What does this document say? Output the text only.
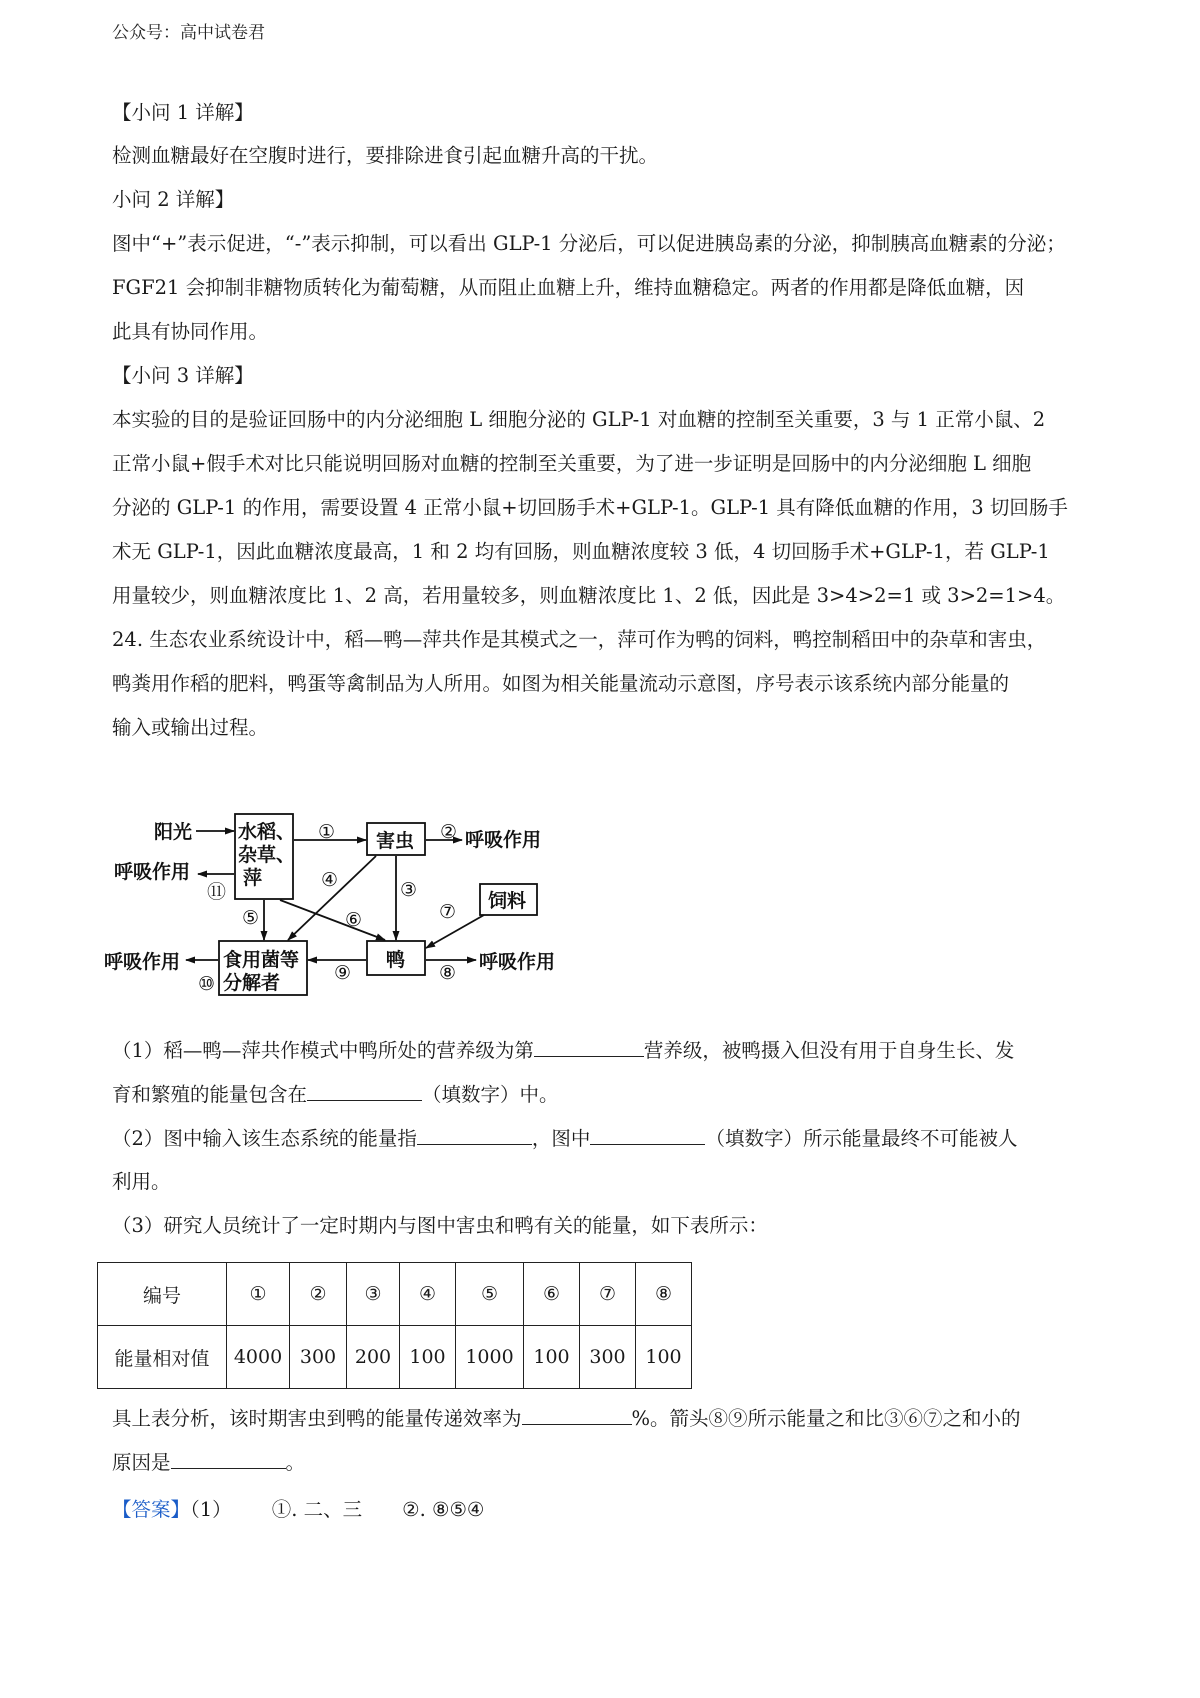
公众号：高中试卷君
【小问 1 详解】
检测血糖最好在空腹时进行，要排除进食引起血糖升高的干扰。
小问 2 详解】
图中“+”表示促进，“-”表示抑制，可以看出 GLP-1 分泌后，可以促进胰岛素的分泌，抑制胰高血糖素的分泌；
FGF21 会抑制非糖物质转化为葡萄糖，从而阻止血糖上升，维持血糖稳定。两者的作用都是降低血糖，因
此具有协同作用。
【小问 3 详解】
本实验的目的是验证回肠中的内分泌细胞 L 细胞分泌的 GLP-1 对血糖的控制至关重要，3 与 1 正常小鼠、2
正常小鼠+假手术对比只能说明回肠对血糖的控制至关重要，为了进一步证明是回肠中的内分泌细胞 L 细胞
分泌的 GLP-1 的作用，需要设置 4 正常小鼠+切回肠手术+GLP-1。GLP-1 具有降低血糖的作用，3 切回肠手
术无 GLP-1，因此血糖浓度最高，1 和 2 均有回肠，则血糖浓度较 3 低，4 切回肠手术+GLP-1，若 GLP-1
用量较少，则血糖浓度比 1、2 高，若用量较多，则血糖浓度比 1、2 低，因此是 3>4>2=1 或 3>2=1>4。
24. 生态农业系统设计中，稻—鸭—萍共作是其模式之一，萍可作为鸭的饲料，鸭控制稻田中的杂草和害虫，
鸭粪用作稻的肥料，鸭蛋等禽制品为人所用。如图为相关能量流动示意图，序号表示该系统内部分能量的
输入或输出过程。
阳光 水稻、
杂草、
萍
害虫
饲料
鸭
食用菌等
分解者
呼吸作用
呼吸作用
呼吸作用	呼吸作用
①	②
③
④
⑤	⑥	⑦
⑧
⑨
⑩
⑪
（1）稻—鸭—萍共作模式中鸭所处的营养级为第	营养级，被鸭摄入但没有用于自身生长、发
育和繁殖的能量包含在	（填数字）中。
（2）图中输入该生态系统的能量指	，图中	（填数字）所示能量最终不可能被人
利用。
（3）研究人员统计了一定时期内与图中害虫和鸭有关的能量，如下表所示：
编号	①	②	③	④	⑤	⑥	⑦	⑧
能量相对值	4000	300	200	100	1000	100	300	100
具上表分析，该时期害虫到鸭的能量传递效率为	%。箭头⑧⑨所示能量之和比③⑥⑦之和小的
原因是	。
【答案】（1） ①. 二、三 ②. ⑧⑤④
